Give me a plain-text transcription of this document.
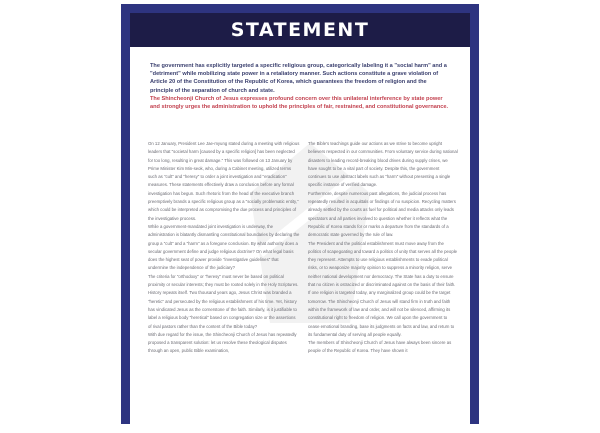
STATEMENT

The government has explicitly targeted a specific religious group, categorically labeling it a "social harm" and a "detriment" while mobilizing state power in a retaliatory manner. Such actions constitute a grave violation of Article 20 of the Constitution of the Republic of Korea, which guarantees the freedom of religion and the principle of the separation of church and state.

The Shincheonji Church of Jesus expresses profound concern over this unilateral interference by state power and strongly urges the administration to uphold the principles of fair, restrained, and constitutional governance.

On 12 January, President Lee Jae-myung stated during a meeting with religious leaders that "societal harm [caused by a specific religion] has been neglected for too long, resulting in great damage." This was followed on 13 January by Prime Minister Kim Min-seok, who, during a Cabinet meeting, utilized terms such as "cult" and "heresy" to order a joint investigation and "eradication" measures. These statements effectively draw a conclusion before any formal investigation has begun. Such rhetoric from the head of the executive branch preemptively brands a specific religious group as a "socially problematic entity," which could be interpreted as compromising the due process and principles of the investigative process.

While a government-mandated joint investigation is underway, the administration is blatantly dismantling constitutional boundaries by declaring the group a "cult" and a "harm" as a foregone conclusion. By what authority does a secular government define and judge religious doctrine? On what legal basis does the highest seat of power provide "investigative guidelines" that undermine the independence of the judiciary?

The criteria for "orthodoxy" or "heresy" must never be based on political proximity or secular interests; they must be rooted solely in the Holy Scriptures.

History repeats itself. Two thousand years ago, Jesus Christ was branded a "heretic" and persecuted by the religious establishment of his time. Yet, history has vindicated Jesus as the cornerstone of the faith. Similarly, is it justifiable to label a religious body "heretical" based on congregation size or the assertions of rival pastors rather than the content of the Bible today?

With due regard for the issue, the Shincheonji Church of Jesus has repeatedly proposed a transparent solution: let us resolve these theological disputes through an open, public Bible examination,

The Bible's teachings guide our actions as we strive to become upright believers respected in our communities. From voluntary service during national disasters to leading record-breaking blood drives during supply crises, we have sought to be a vital part of society. Despite this, the government continues to use abstract labels such as "harm" without presenting a single specific instance of verified damage.

Furthermore, despite numerous past allegations, the judicial process has repeatedly resulted in acquittals or findings of no suspicion. Recycling matters already settled by the courts as fuel for political and media attacks only leads spectators and all parties involved to question whether it reflects what the Republic of Korea stands for or marks a departure from the standards of a democratic state governed by the rule of law.

The President and the political establishment must move away from the politics of scapegoating and toward a politics of unity that serves all the people they represent. Attempts to use religious establishments to evade political risks, or to weaponize majority opinion to suppress a minority religion, serve neither national development nor democracy. The State has a duty to ensure that no citizen is ostracized or discriminated against on the basis of their faith.

If one religion is targeted today, any marginalized group could be the target tomorrow. The Shincheonji Church of Jesus will stand firm in truth and faith within the framework of law and order, and will not be silenced, affirming its constitutional right to freedom of religion. We call upon the government to cease emotional branding, base its judgments on facts and law, and return to its fundamental duty of serving all people equally.

The members of Shincheonji Church of Jesus have always been sincere as people of the Republic of Korea. They have shown it
